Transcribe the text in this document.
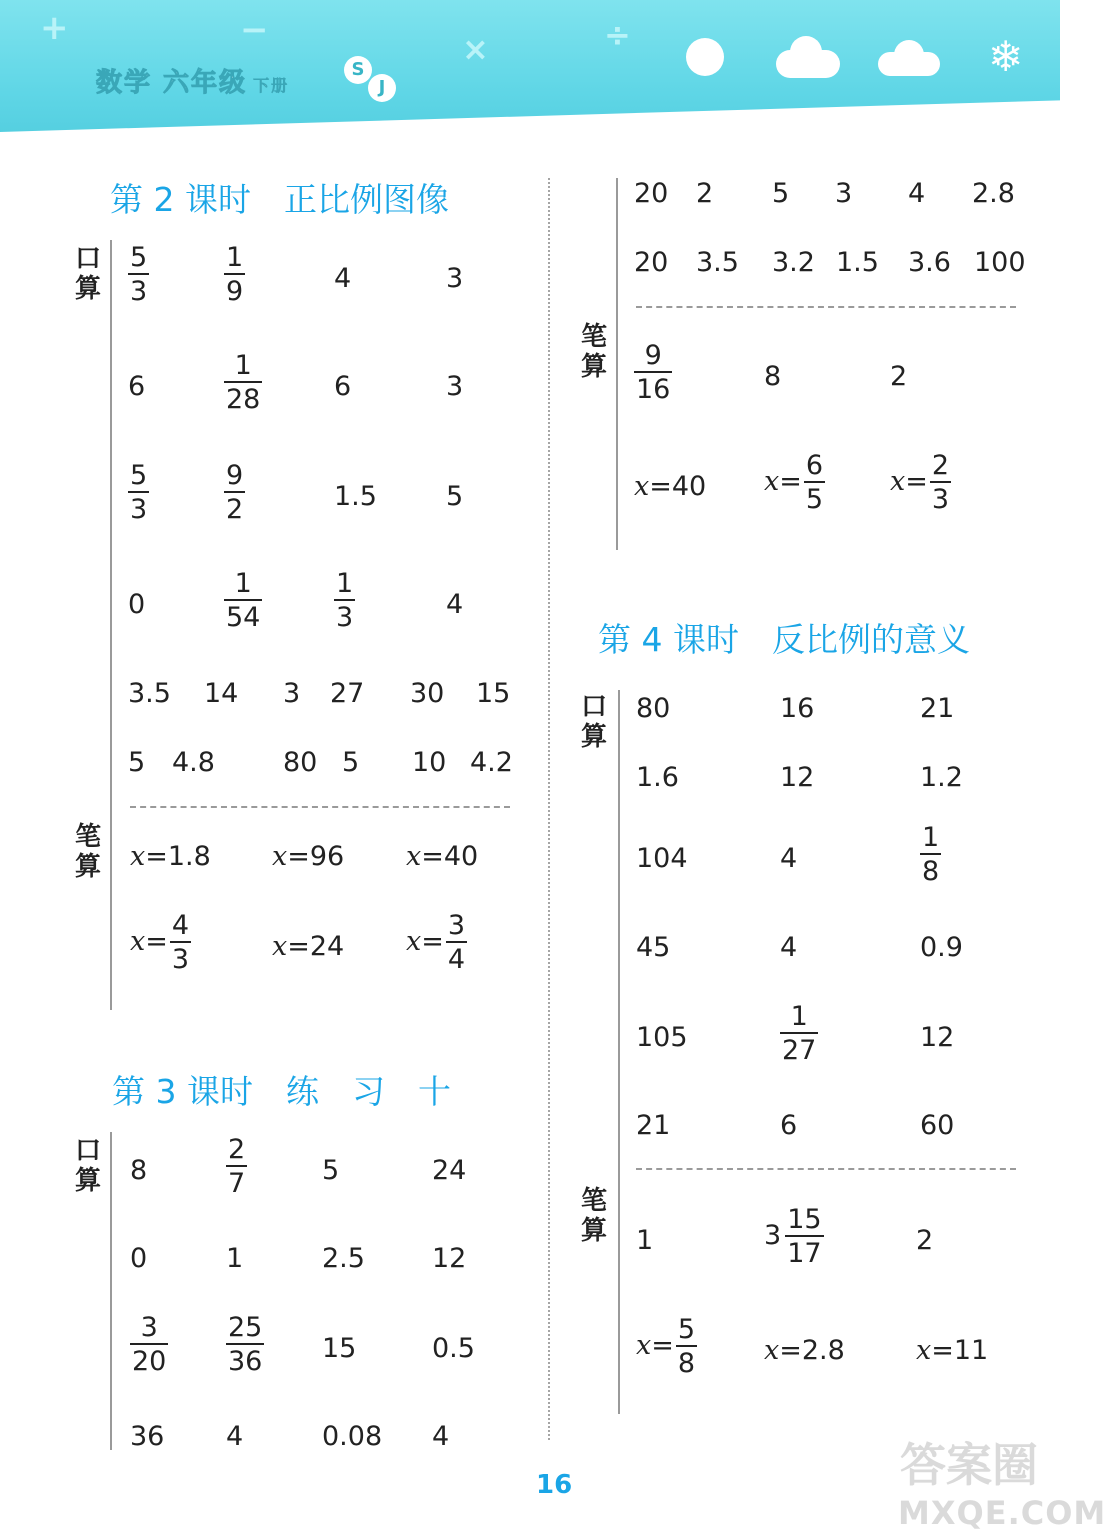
+	−	×	÷
数学 六年级 下册
S
J
❄
第 2 课时　正比例图像
口
算 $\frac{5}{3}$	$\frac{1}{9}$	4	3
6	$\frac{1}{28}$	6	3
$\frac{5}{3}$	$\frac{9}{2}$	1.5	5
0	$\frac{1}{54}$	$\frac{1}{3}$	4
3.5 14 3 27 30 15
5 4.8	80 5 10 4.2
笔
算 x=1.8 x=96 x=40
$x= \frac{4}{3}$	x=24 $x= \frac{3}{4}$
第 3 课时　练　习　十
口
算 8	$\frac{2}{7}$	5	24
0	1	2.5 12
$\frac{3}{20} \frac{25}{36} 15$	0.5
36 4	0.08 4
20 2 5 3 4 2.8
20 3.5 3.2 1.5 3.6 100
笔
算 $\frac{9}{16}$	8	2
x=40 $x= \frac{6}{5} x= \frac{2}{3}$
第 4 课时　反比例的意义
口
算
80	16	21
1.6	12	1.2
104	4	$\frac{1}{8}$
45	4	0.9
105	$\frac{1}{27}$	12
21	6	60
笔
算 1	$3 \frac{15}{17}$	2
$x= \frac{5}{8} x=2.8$	x=11
16	答案圈
MXQE.COM
